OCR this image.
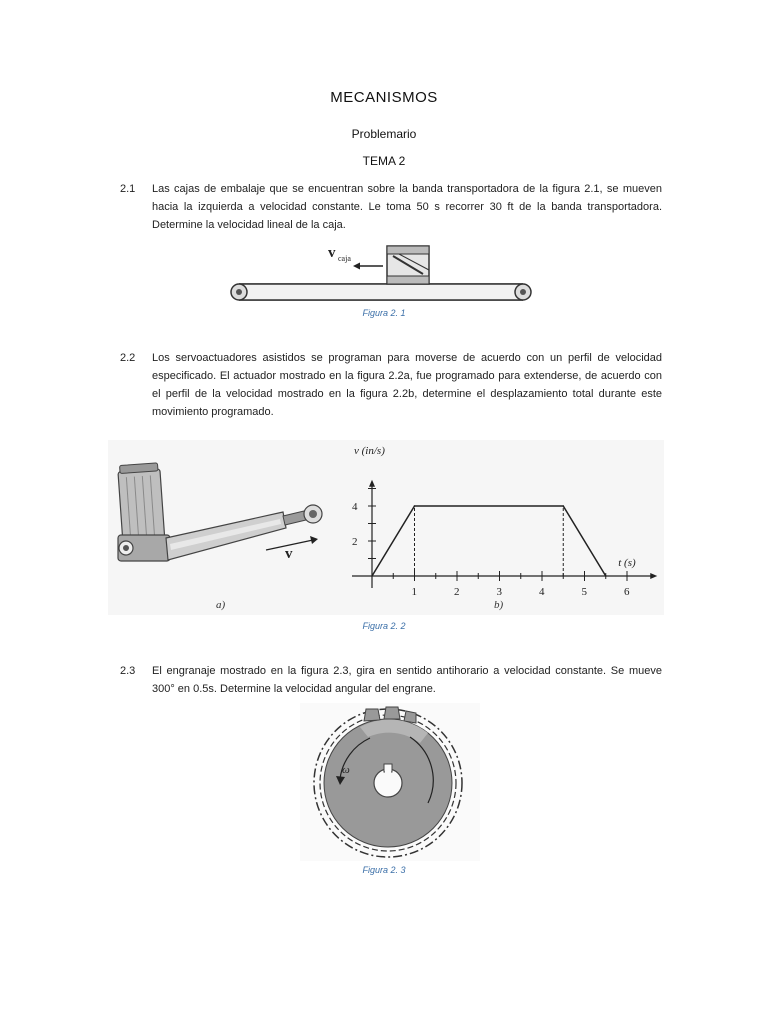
MECANISMOS
Problemario
TEMA 2
2.1 Las cajas de embalaje que se encuentran sobre la banda transportadora de la figura 2.1, se mueven hacia la izquierda a velocidad constante. Le toma 50 s recorrer 30 ft de la banda transportadora. Determine la velocidad lineal de la caja.
v caja
Figura 2. 1
2.2 Los servoactuadores asistidos se programan para moverse de acuerdo con un perfil de velocidad especificado. El actuador mostrado en la figura 2.2a, fue programado para extenderse, de acuerdo con el perfil de la velocidad mostrado en la figura 2.2b, determine el desplazamiento total durante este movimiento programado.
v
a)
1	2	3	4	5	6
2
4
v (in/s)
t (s)
b)
Figura 2. 2
2.3 El engranaje mostrado en la figura 2.3, gira en sentido antihorario a velocidad constante. Se mueve 300° en 0.5s. Determine la velocidad angular del engrane.
ω
Figura 2. 3
